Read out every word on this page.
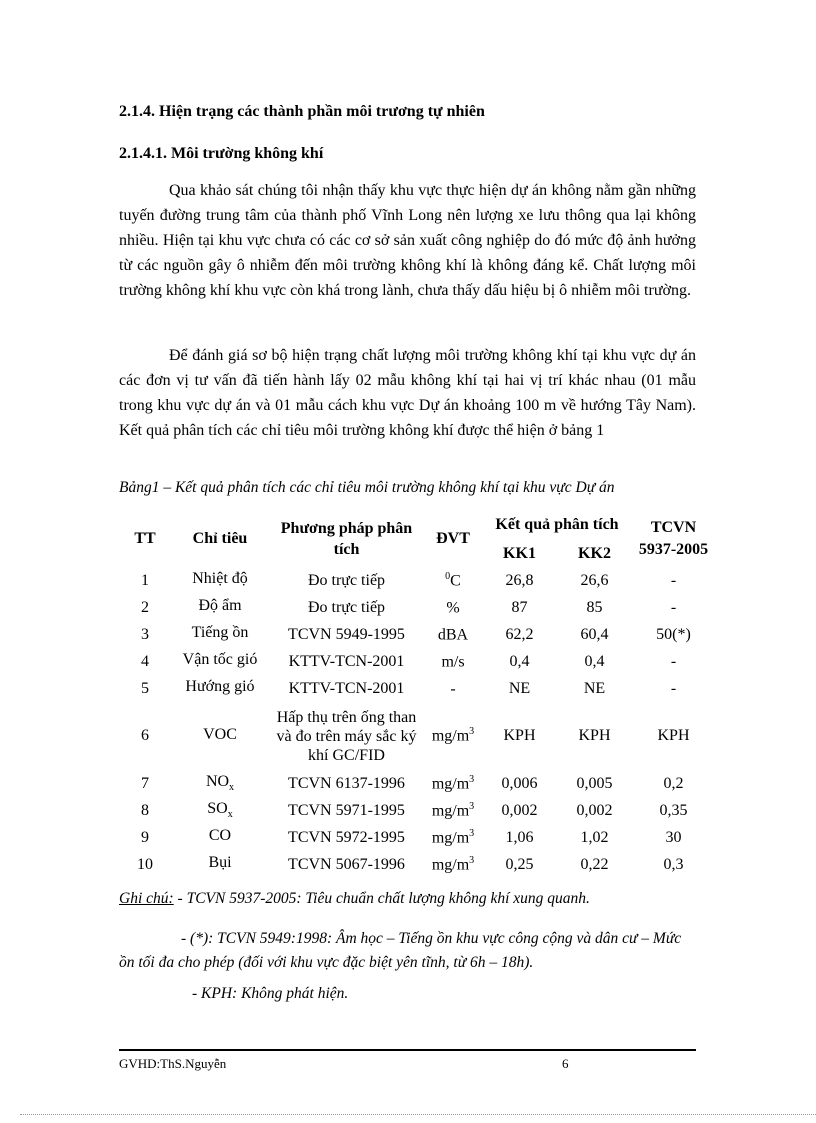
2.1.4. Hiện trạng các thành phần môi trương tự nhiên

2.1.4.1. Môi trường không khí

Qua khảo sát chúng tôi nhận thấy khu vực thực hiện dự án không nằm gần những tuyến đường trung tâm của thành phố Vĩnh Long nên lượng xe lưu thông qua lại không nhiều. Hiện tại khu vực chưa có các cơ sở sản xuất công nghiệp do đó mức độ ảnh hưởng từ các nguồn gây ô nhiễm đến môi trường không khí là không đáng kể. Chất lượng môi trường không khí khu vực còn khá trong lành, chưa thấy dấu hiệu bị ô nhiễm môi trường.

Để đánh giá sơ bộ hiện trạng chất lượng môi trường không khí tại khu vực dự án các đơn vị tư vấn đã tiến hành lấy 02 mẫu không khí tại hai vị trí khác nhau (01 mẫu trong khu vực dự án và 01 mẫu cách khu vực Dự án khoảng 100 m về hướng Tây Nam). Kết quả phân tích các chỉ tiêu môi trường không khí được thể hiện ở bảng 1

Bảng1 – Kết quả phân tích các chỉ tiêu môi trường không khí tại khu vực Dự án

TT	Chỉ tiêu	Phương pháp phân tích	ĐVT	Kết quả phân tích		TCVN 5937-2005
				KK1	KK2	
1	Nhiệt độ	Đo trực tiếp	$^0$C	26,8	26,6	-
2	Độ ẩm	Đo trực tiếp	%	87	85	-
3	Tiếng ồn	TCVN 5949-1995	dBA	62,2	60,4	50(*)
4	Vận tốc gió	KTTV-TCN-2001	m/s	0,4	0,4	-
5	Hướng gió	KTTV-TCN-2001	-	NE	NE	-
6	VOC	Hấp thụ trên ống than và đo trên máy sắc ký khí GC/FID	$mg/m^3$	KPH	KPH	KPH
7	$NO_x$	TCVN 6137-1996	$mg/m^3$	0,006	0,005	0,2
8	$SO_x$	TCVN 5971-1995	$mg/m^3$	0,002	0,002	0,35
9	CO	TCVN 5972-1995	$mg/m^3$	1,06	1,02	30
10	Bụi	TCVN 5067-1996	$mg/m^3$	0,25	0,22	0,3

Ghi chú: - TCVN 5937-2005: Tiêu chuẩn chất lượng không khí xung quanh.

- (*): TCVN 5949:1998: Âm học – Tiếng ồn khu vực công cộng và dân cư – Mức ồn tối đa cho phép (đối với khu vực đặc biệt yên tĩnh, từ 6h – 18h).

- KPH: Không phát hiện.

GVHD:ThS.Nguyễn	6
